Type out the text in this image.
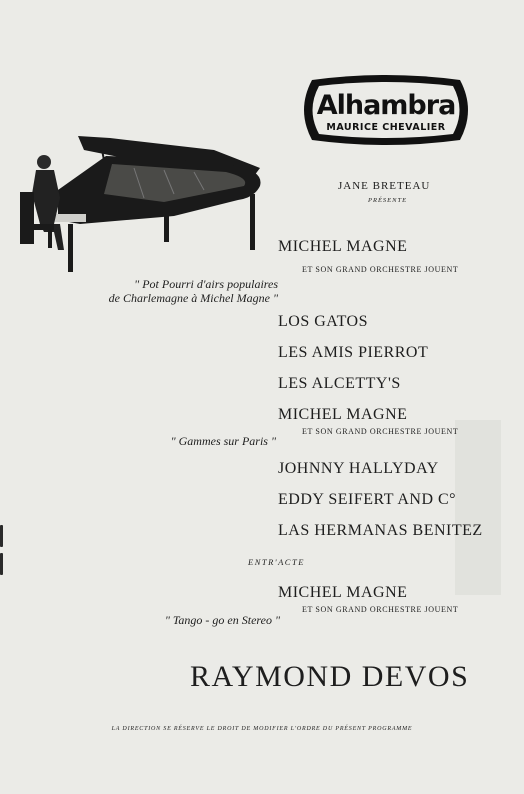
Alhambra
MAURICE CHEVALIER
JANE BRETEAU
PRÉSENTE
MICHEL MAGNE
ET SON GRAND ORCHESTRE JOUENT
" Pot Pourri d'airs populaires
de Charlemagne à Michel Magne "
LOS GATOS
LES AMIS PIERROT
LES ALCETTY'S
MICHEL MAGNE
ET SON GRAND ORCHESTRE JOUENT
" Gammes sur Paris "
JOHNNY HALLYDAY
EDDY SEIFERT AND C°
LAS HERMANAS BENITEZ
ENTR'ACTE
MICHEL MAGNE
ET SON GRAND ORCHESTRE JOUENT
" Tango - go en Stereo "
RAYMOND DEVOS
LA DIRECTION SE RÉSERVE LE DROIT DE MODIFIER L'ORDRE DU PRÉSENT PROGRAMME
